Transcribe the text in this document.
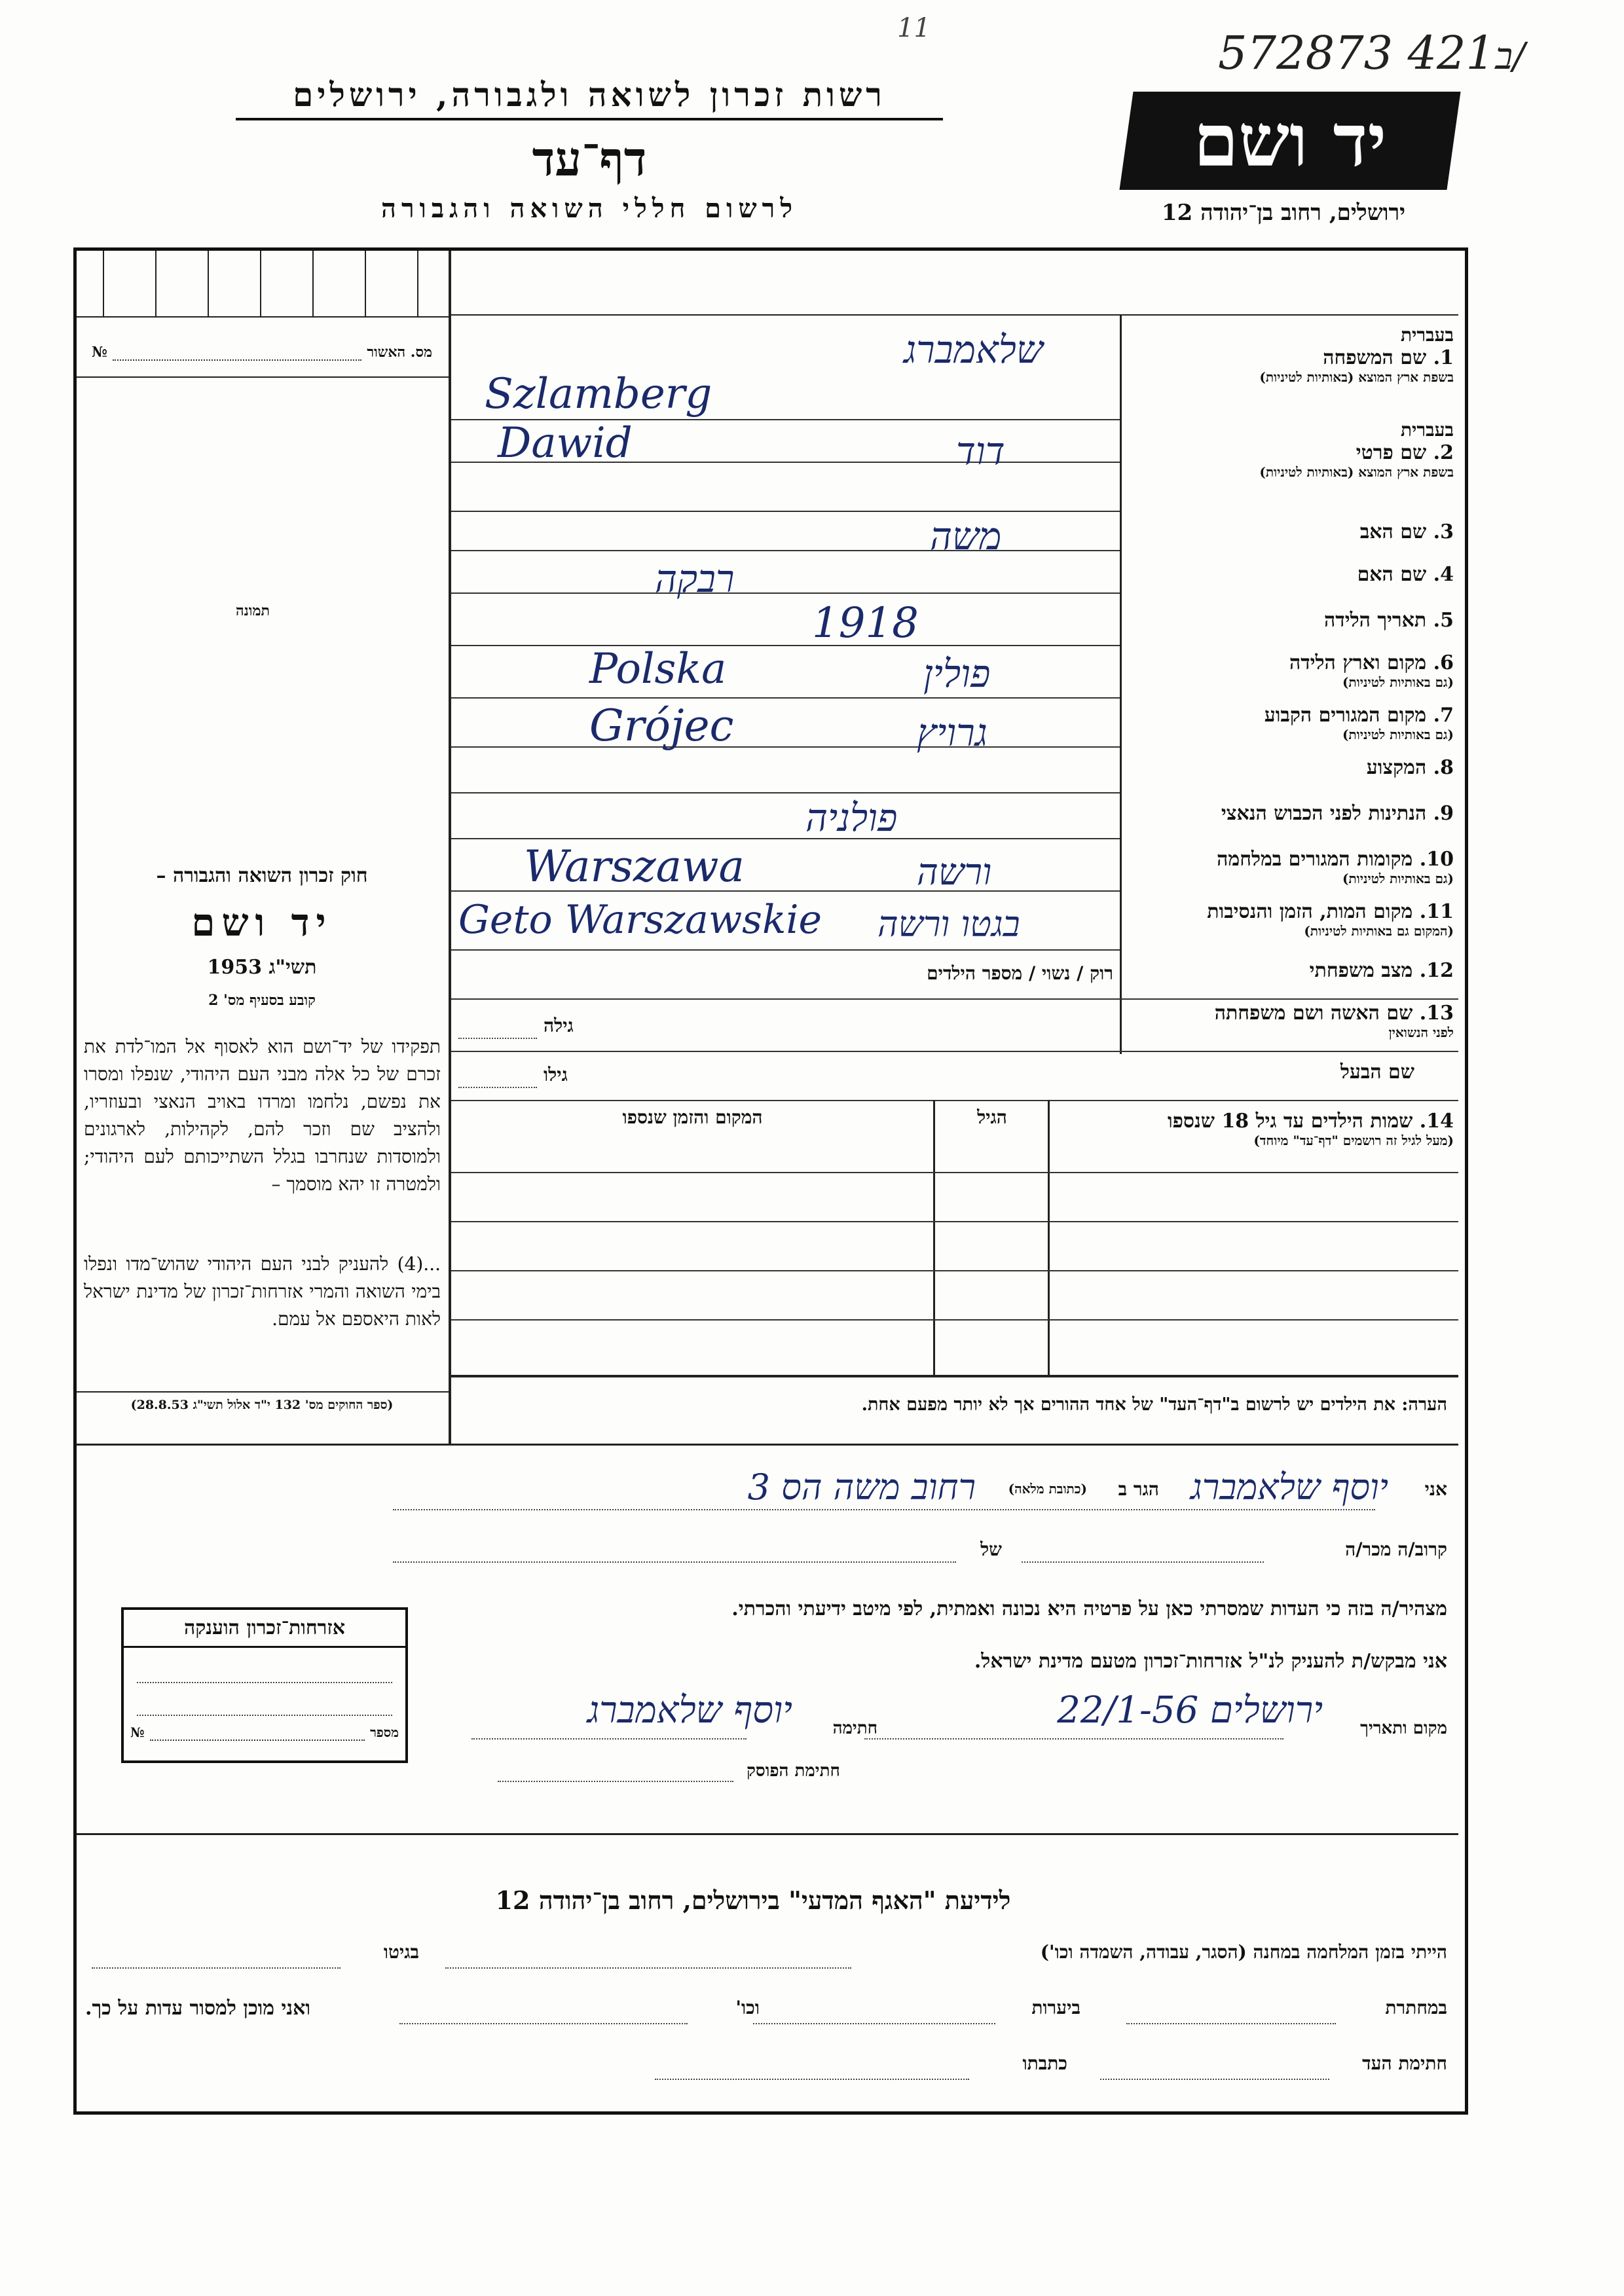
572873 421ב/
11
רשות זכרון לשואה ולגבורה, ירושלים
דף־עד
לרשום חללי השואה והגבורה
יד ושם
ירושלים, רחוב בן־יהודה 12
מס. האשור
№
תמונה
חוק זכרון השואה והגבורה –
יד ושם
תשי"ג 1953
קובע בסעיף מס' 2
תפקידו של יד־ושם הוא לאסוף אל המו־לדת את זכרם של כל אלה מבני העם היהודי, שנפלו ומסרו את נפשם, נלחמו ומרדו באויב הנאצי ובעוזריו, ולהציב שם וזכר להם, לקהילות, לארגונים ולמוסדות שנחרבו בגלל השתייכותם לעם היהודי; ולמטרה זו יהא מוסמך –
...(4) להעניק לבני העם היהודי שהוש־מדו ונפלו בימי השואה והמרי אזרחות־זכרון של מדינת ישראל לאות היאספם אל עמם.
(ספר החוקים מס' 132 י"ד אלול תשי"ג 28.8.53)
בעברית
1. שם המשפחה
בשפת ארץ המוצא (באותיות לטיניות)
שלאמברג
Szlamberg
בעברית
2. שם פרטי
בשפת ארץ המוצא (באותיות לטיניות)
דוד
Dawid
3. שם האב
משה
4. שם האם
רבקה
5. תאריך הלידה
1918
6. מקום וארץ הלידה
(גם באותיות לטיניות)
פולין
Polska
7. מקום המגורים הקבוע
(גם באותיות לטיניות)
גרויץ
Grójec
8. המקצוע
9. הנתינות לפני הכבוש הנאצי
פולניה
10. מקומות המגורים במלחמה
(גם באותיות לטיניות)
ורשה
Warszawa
11. מקום המות, הזמן והנסיבות
(המקום גם באותיות לטיניות)
בגטו ורשה
Geto Warszawskie
12. מצב משפחתי
רוק / נשוי / מספר הילדים
13. שם האשה ושם משפחתה
לפני הנשואין
גילה
שם הבעל
גילו
14. שמות הילדים עד גיל 18 שנספו
(מעל לגיל זה רושמים "דף־עד" מיוחד)
הגיל
המקום והזמן שנספו
הערה: את הילדים יש לרשום ב"דף־העד" של אחד ההורים אך לא יותר מפעם אחת.
אני
יוסף שלאמברג
הגר ב
(כתובת מלאה)
רחוב משה הס 3
קרוב/ה מכר/ה
של
מצהיר/ה בזה כי העדות שמסרתי כאן על פרטיה היא נכונה ואמתית, לפי מיטב ידיעתי והכרתי.
אני מבקש/ת להעניק לנ"ל אזרחות־זכרון מטעם מדינת ישראל.
מקום ותאריך
ירושלים 22/1-56
חתימה
יוסף שלאמברג
חתימת הפוסק
אזרחות־זכרון הוענקה
מספר
№
לידיעת "האגף המדעי" בירושלים, רחוב בן־יהודה 12
הייתי בזמן המלחמה במחנה (הסגר, עבודה, השמדה וכו')
בגיטו
במחתרת
ביערות
וכו'
ואני מוכן למסור עדות על כך.
חתימת העד
כתבתו
